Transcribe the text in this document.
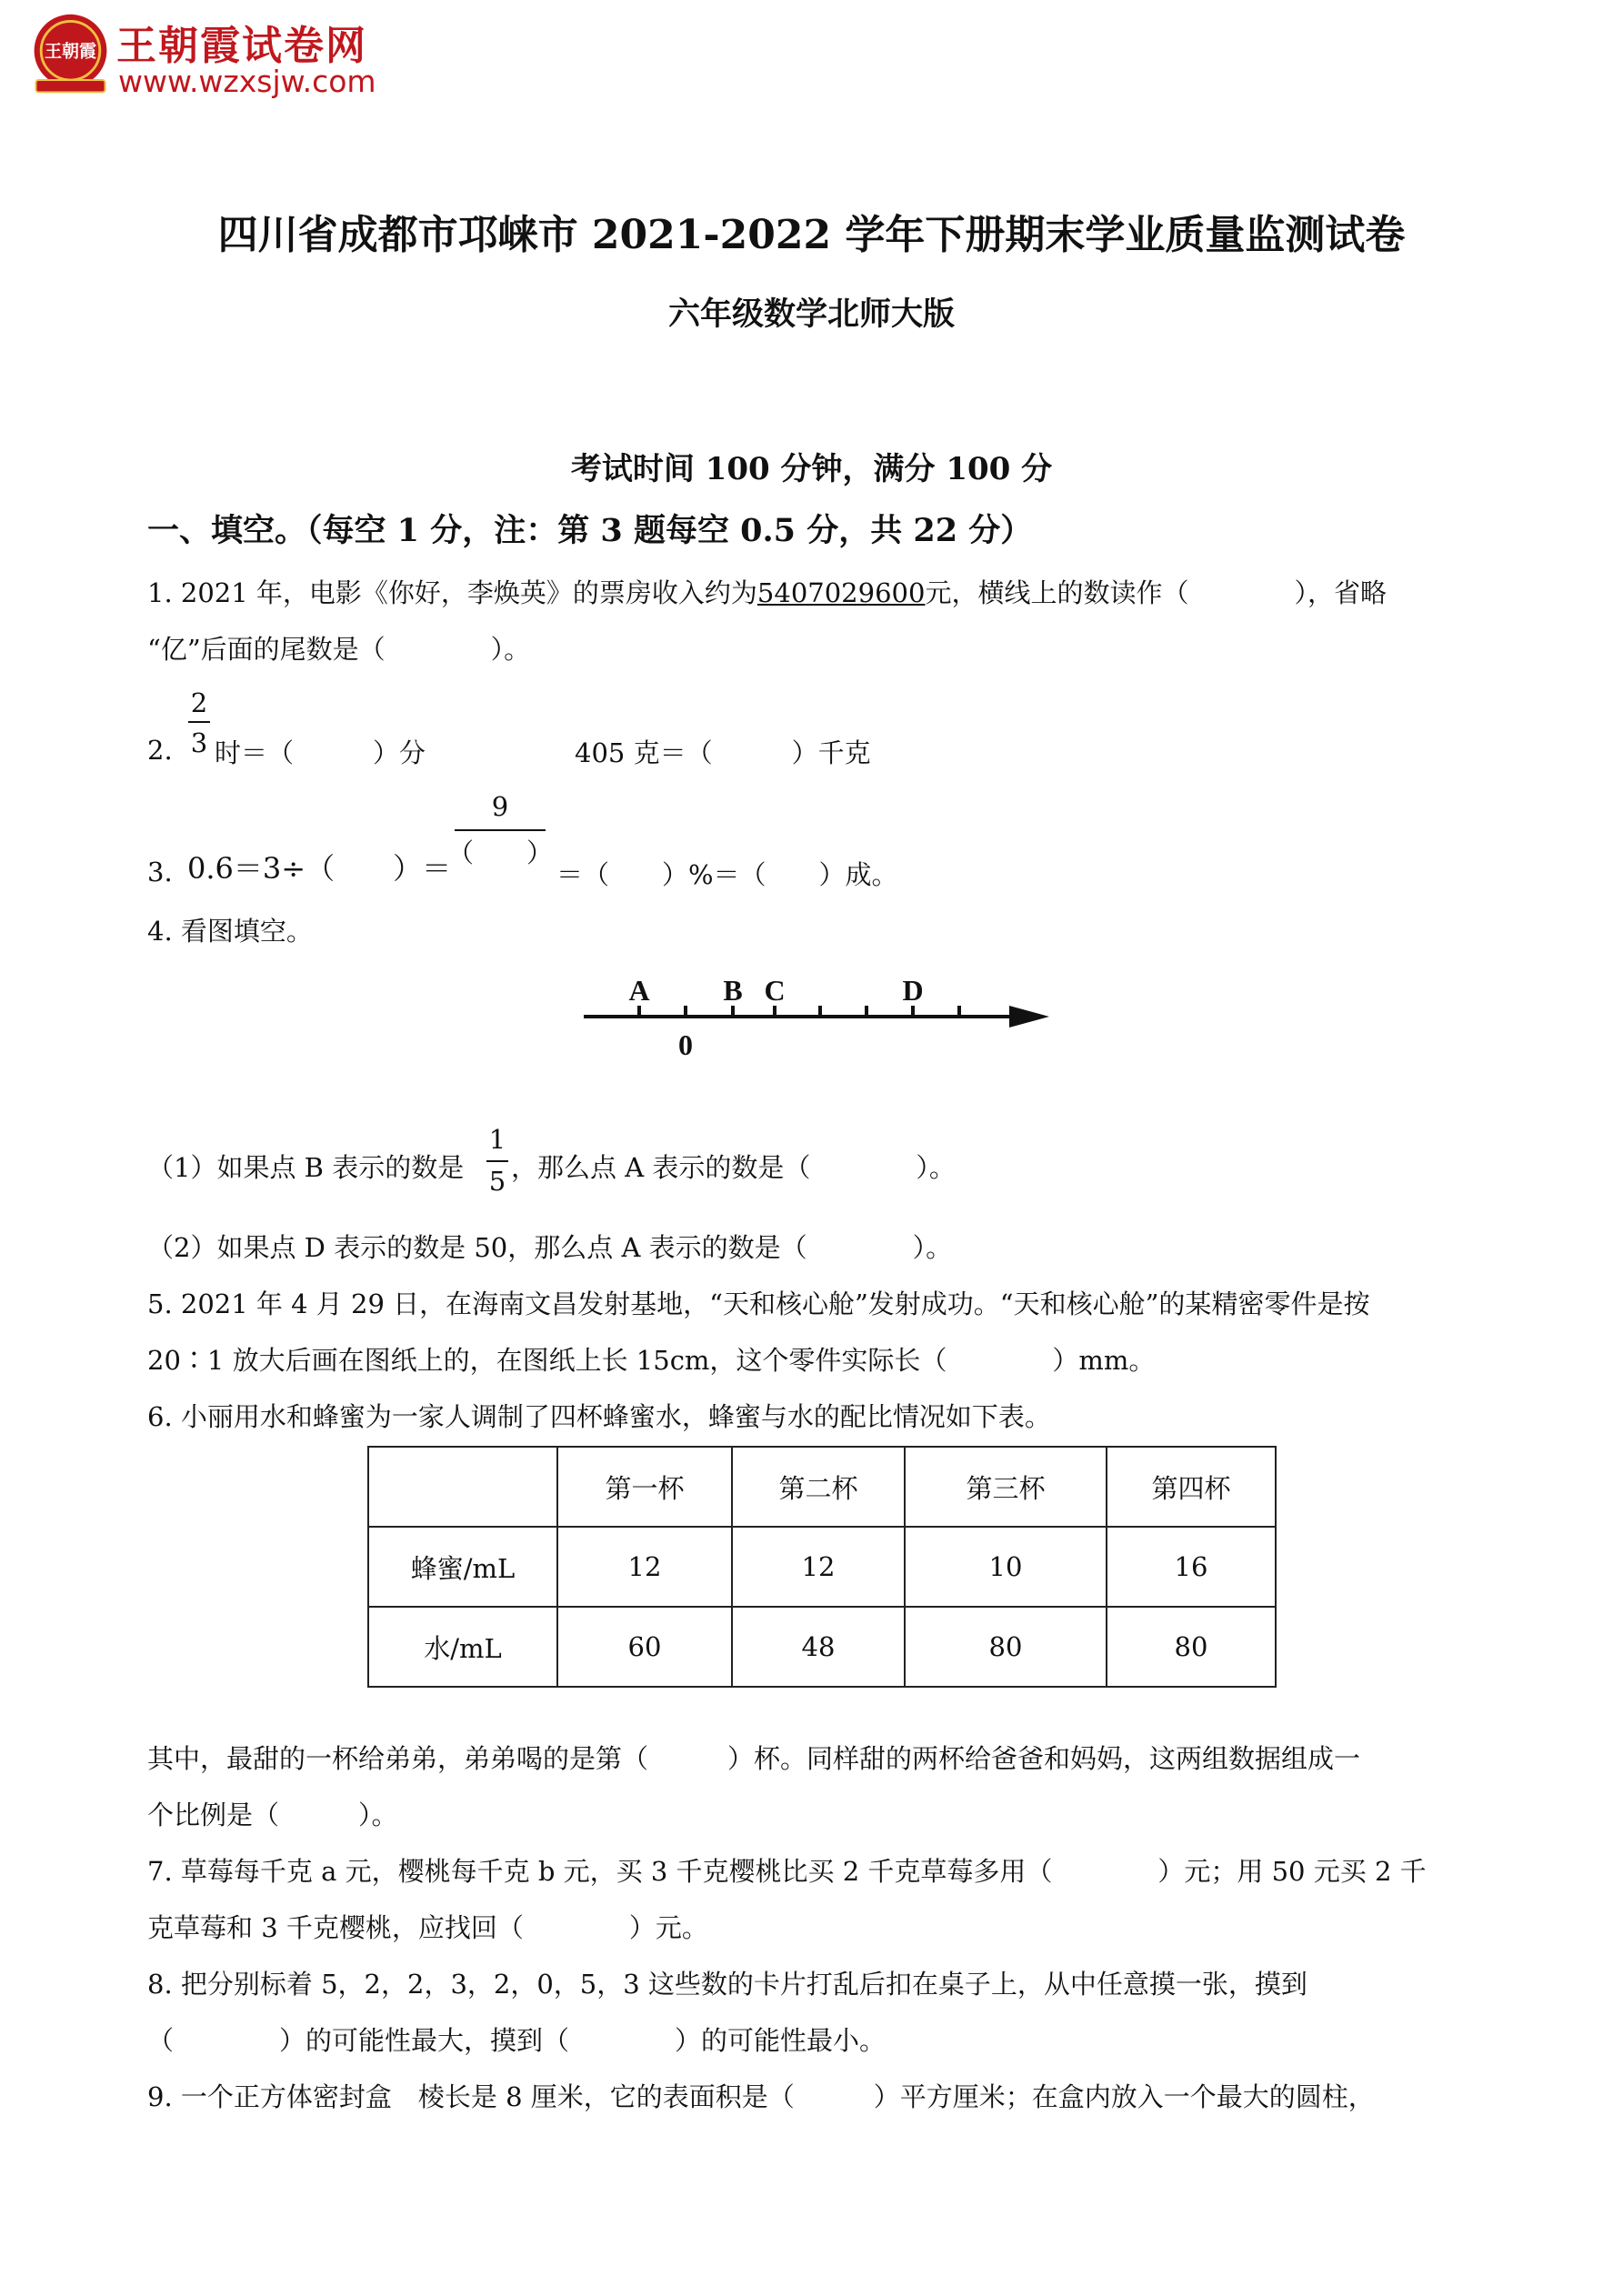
王朝霞 王朝霞试卷网
www.wzxsjw.com
四川省成都市邛崃市 2021-2022 学年下册期末学业质量监测试卷
六年级数学北师大版
考试时间 100 分钟，满分 100 分
一、填空。（每空 1 分，注：第 3 题每空 0.5 分，共 22 分）
1. 2021 年，电影《你好，李焕英》的票房收入约为5407029600元，横线上的数读作（　　　　），省略
“亿”后面的尾数是（　　　　）。
2.
2
3 时＝（　　　）分	405 克＝（　　　）千克
3. 0.6＝3÷（　　）＝
9
（　　）
＝（　　）%＝（　　）成。
4. 看图填空。
A	B C	D
0
（1）如果点 B 表示的数是
1
5 ，那么点 A 表示的数是（　　　　）。
（2）如果点 D 表示的数是 50，那么点 A 表示的数是（　　　　）。
5. 2021 年 4 月 29 日，在海南文昌发射基地，“天和核心舱”发射成功。“天和核心舱”的某精密零件是按
20∶1 放大后画在图纸上的，在图纸上长 15cm，这个零件实际长（　　　　）mm。
6. 小丽用水和蜂蜜为一家人调制了四杯蜂蜜水，蜂蜜与水的配比情况如下表。
	第一杯	第二杯	第三杯	第四杯
蜂蜜/mL	12	12	10	16
水/mL	60	48	80	80
其中，最甜的一杯给弟弟，弟弟喝的是第（　　　）杯。同样甜的两杯给爸爸和妈妈，这两组数据组成一
个比例是（　　　）。
7. 草莓每千克 a 元，樱桃每千克 b 元，买 3 千克樱桃比买 2 千克草莓多用（　　　　）元；用 50 元买 2 千
克草莓和 3 千克樱桃，应找回（　　　　）元。
8. 把分别标着 5，2，2，3，2，0，5，3 这些数的卡片打乱后扣在桌子上，从中任意摸一张，摸到
（　　　　）的可能性最大，摸到（　　　　）的可能性最小。
9. 一个正方体密封盒　棱长是 8 厘米，它的表面积是（　　　）平方厘米；在盒内放入一个最大的圆柱，
